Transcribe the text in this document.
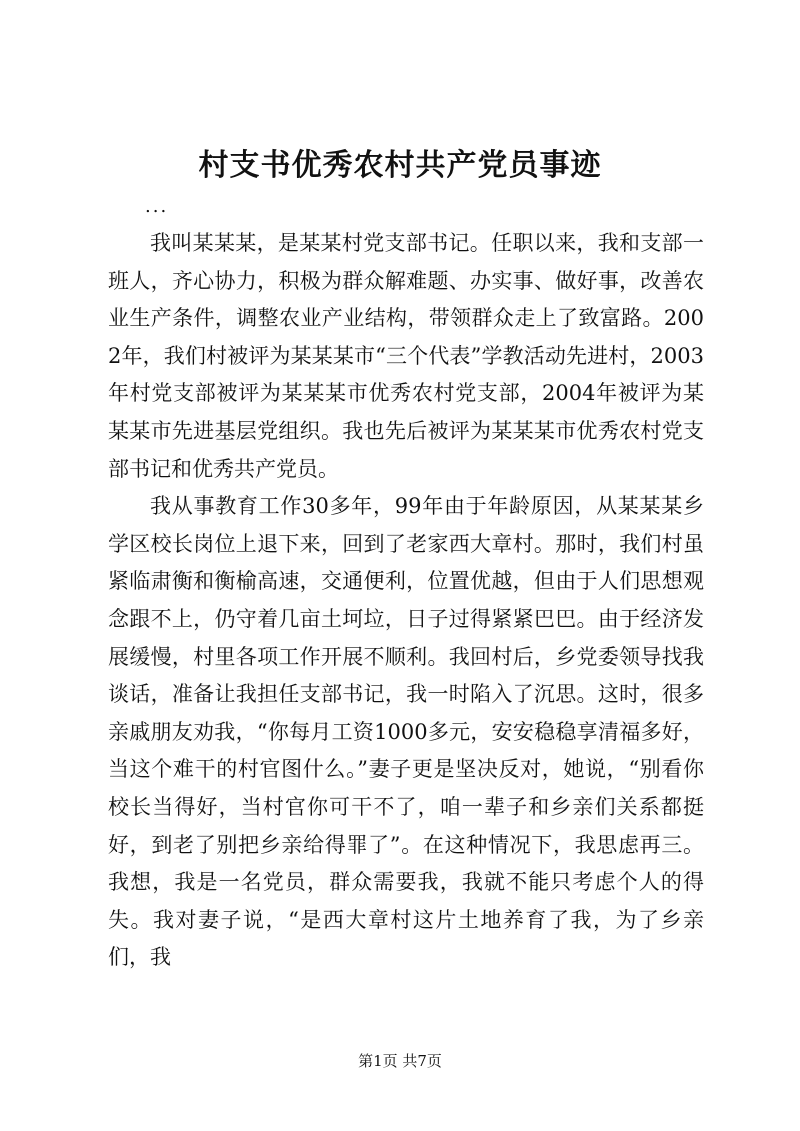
村支书优秀农村共产党员事迹

...

我叫某某某，是某某村党支部书记。任职以来，我和支部一班人，齐心协力，积极为群众解难题、办实事、做好事，改善农业生产条件，调整农业产业结构，带领群众走上了致富路。2002年，我们村被评为某某某市“三个代表”学教活动先进村，2003年村党支部被评为某某某市优秀农村党支部，2004年被评为某某某市先进基层党组织。我也先后被评为某某某市优秀农村党支部书记和优秀共产党员。

我从事教育工作30多年，99年由于年龄原因，从某某某乡学区校长岗位上退下来，回到了老家西大章村。那时，我们村虽紧临肃衡和衡榆高速，交通便利，位置优越，但由于人们思想观念跟不上，仍守着几亩土坷垃，日子过得紧紧巴巴。由于经济发展缓慢，村里各项工作开展不顺利。我回村后，乡党委领导找我谈话，准备让我担任支部书记，我一时陷入了沉思。这时，很多亲戚朋友劝我，“你每月工资1000多元，安安稳稳享清福多好，当这个难干的村官图什么。”妻子更是坚决反对，她说，“别看你校长当得好，当村官你可干不了，咱一辈子和乡亲们关系都挺好，到老了别把乡亲给得罪了”。在这种情况下，我思虑再三。我想，我是一名党员，群众需要我，我就不能只考虑个人的得失。我对妻子说，“是西大章村这片土地养育了我，为了乡亲们，我

第1页 共7页
